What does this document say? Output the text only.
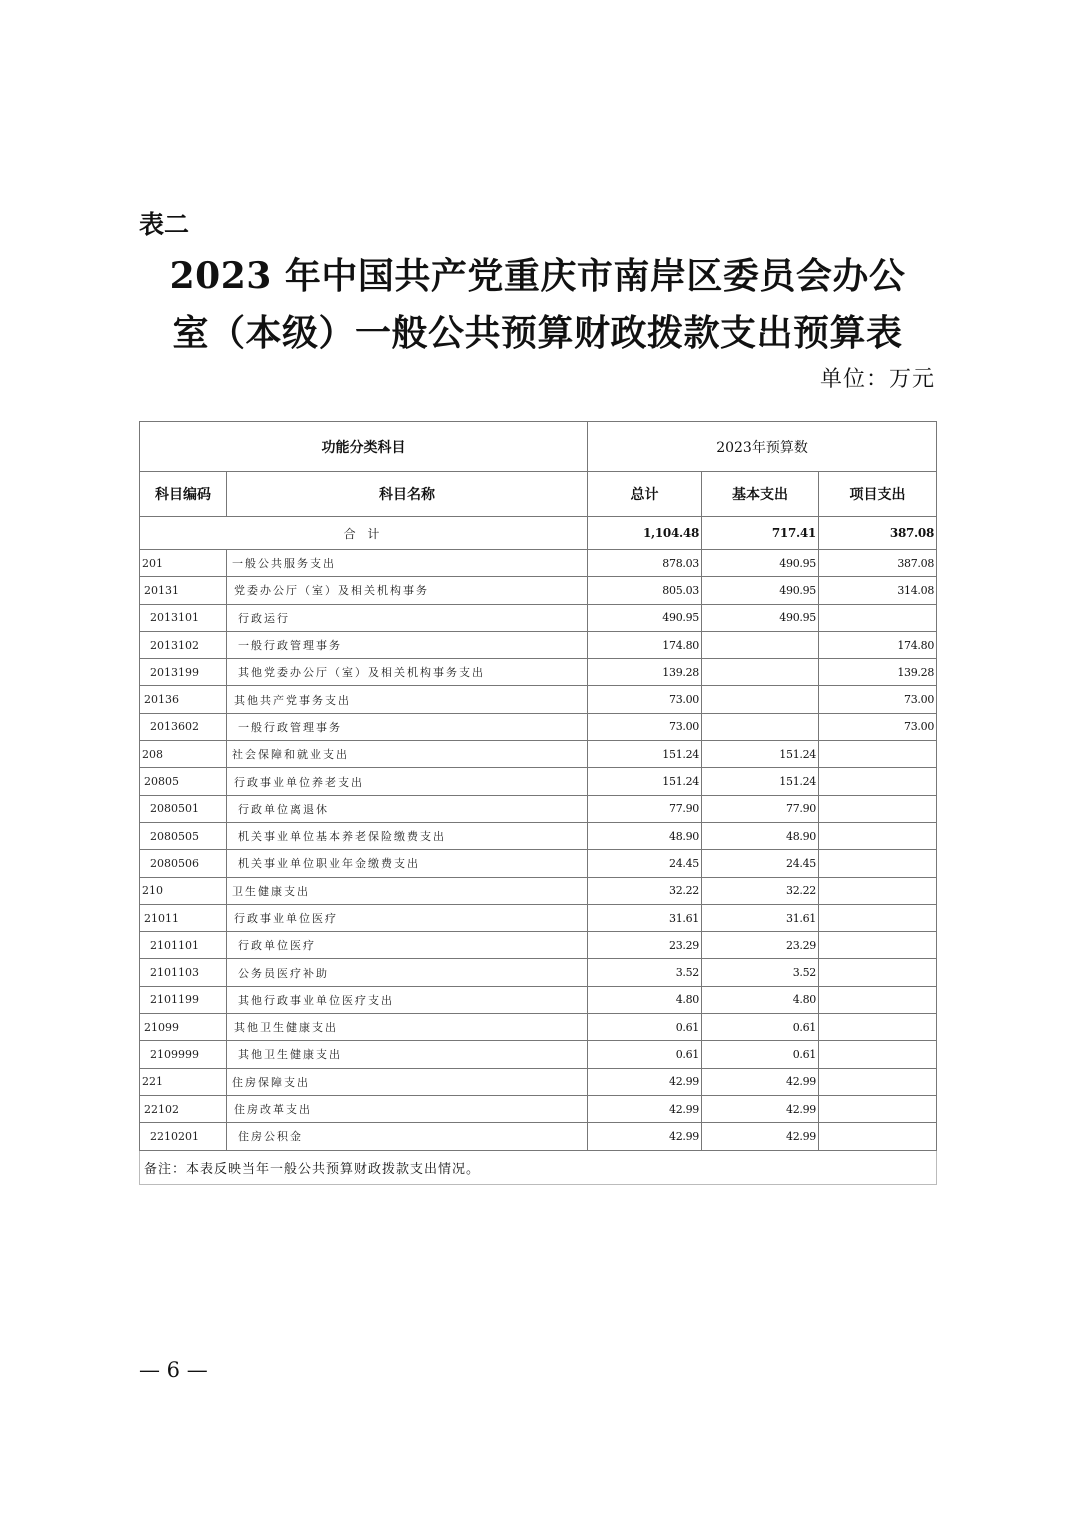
表二
2023 年中国共产党重庆市南岸区委员会办公
室（本级）一般公共预算财政拨款支出预算表
单位：万元
功能分类科目		2023年预算数		
科目编码	科目名称	总计	基本支出	项目支出
合 计		1,104.48	717.41	387.08
201	一般公共服务支出	878.03	490.95	387.08
20131	党委办公厅（室）及相关机构事务	805.03	490.95	314.08
2013101	行政运行	490.95	490.95	
2013102	一般行政管理事务	174.80		174.80
2013199	其他党委办公厅（室）及相关机构事务支出	139.28		139.28
20136	其他共产党事务支出	73.00		73.00
2013602	一般行政管理事务	73.00		73.00
208	社会保障和就业支出	151.24	151.24	
20805	行政事业单位养老支出	151.24	151.24	
2080501	行政单位离退休	77.90	77.90	
2080505	机关事业单位基本养老保险缴费支出	48.90	48.90	
2080506	机关事业单位职业年金缴费支出	24.45	24.45	
210	卫生健康支出	32.22	32.22	
21011	行政事业单位医疗	31.61	31.61	
2101101	行政单位医疗	23.29	23.29	
2101103	公务员医疗补助	3.52	3.52	
2101199	其他行政事业单位医疗支出	4.80	4.80	
21099	其他卫生健康支出	0.61	0.61	
2109999	其他卫生健康支出	0.61	0.61	
221	住房保障支出	42.99	42.99	
22102	住房改革支出	42.99	42.99	
2210201	住房公积金	42.99	42.99	
备注：本表反映当年一般公共预算财政拨款支出情况。				
— 6 —
